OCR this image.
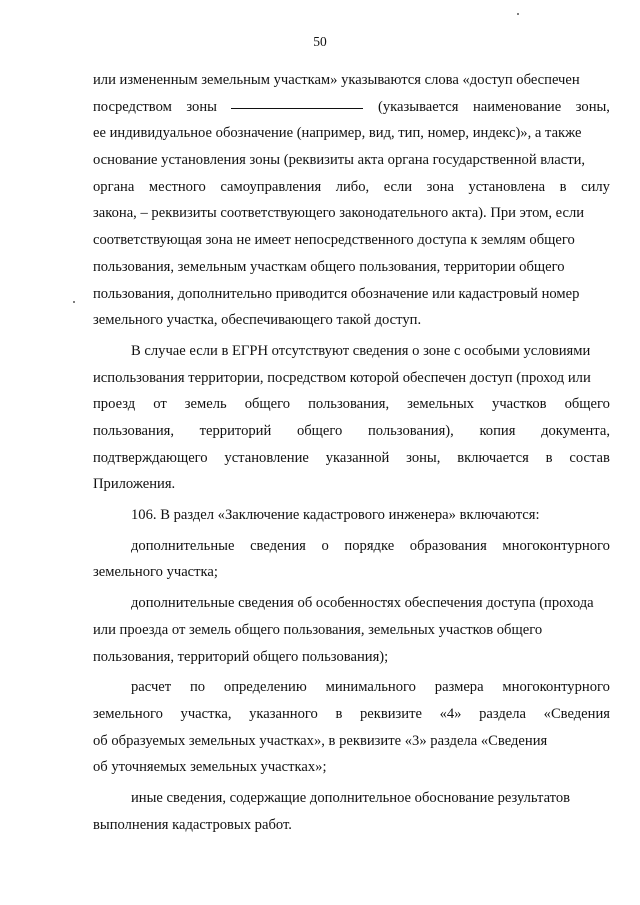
50
или измененным земельным участкам» указываются слова «доступ обеспечен
посредством зоны	(указывается наименование зоны,
ее индивидуальное обозначение (например, вид, тип, номер, индекс)», а также
основание установления зоны (реквизиты акта органа государственной власти,
органа местного самоуправления либо, если зона установлена в силу
закона, – реквизиты соответствующего законодательного акта). При этом, если
соответствующая зона не имеет непосредственного доступа к землям общего
пользования, земельным участкам общего пользования, территории общего
пользования, дополнительно приводится обозначение или кадастровый номер
земельного участка, обеспечивающего такой доступ.
В случае если в ЕГРН отсутствуют сведения о зоне с особыми условиями
использования территории, посредством которой обеспечен доступ (проход или
проезд от земель общего пользования, земельных участков общего
пользования, территорий общего пользования), копия документа,
подтверждающего установление указанной зоны, включается в состав
Приложения.
106. В раздел «Заключение кадастрового инженера» включаются:
дополнительные сведения о порядке образования многоконтурного
земельного участка;
дополнительные сведения об особенностях обеспечения доступа (прохода
или проезда от земель общего пользования, земельных участков общего
пользования, территорий общего пользования);
расчет по определению минимального размера многоконтурного
земельного участка, указанного в реквизите «4» раздела «Сведения
об образуемых земельных участках», в реквизите «3» раздела «Сведения
об уточняемых земельных участках»;
иные сведения, содержащие дополнительное обоснование результатов
выполнения кадастровых работ.
